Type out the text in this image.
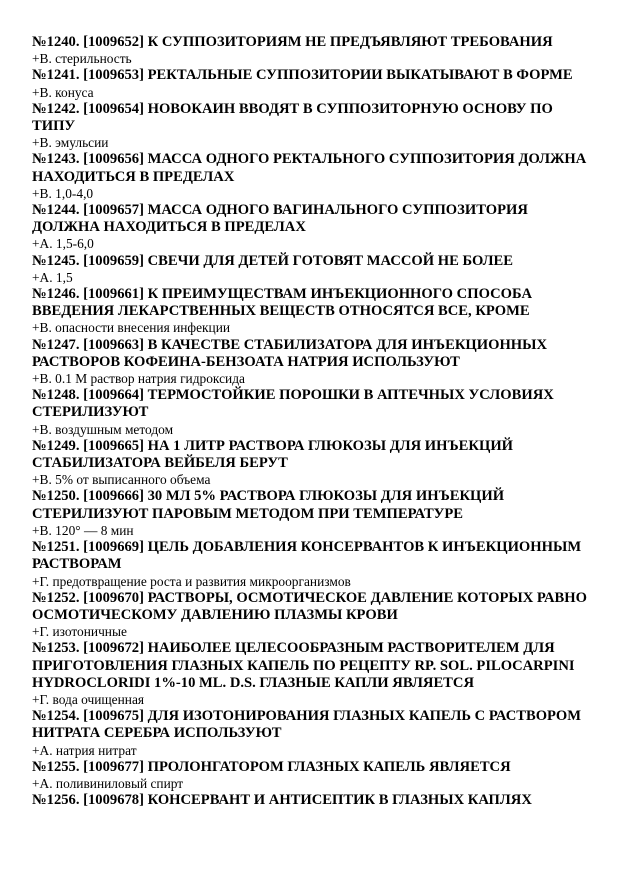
№1240. [1009652] К СУППОЗИТОРИЯМ НЕ ПРЕДЪЯВЛЯЮТ ТРЕБОВАНИЯ

+В. стерильность

№1241. [1009653] РЕКТАЛЬНЫЕ СУППОЗИТОРИИ ВЫКАТЫВАЮТ В ФОРМЕ

+В. конуса

№1242. [1009654] НОВОКАИН ВВОДЯТ В СУППОЗИТОРНУЮ ОСНОВУ ПО ТИПУ

+В. эмульсии

№1243. [1009656] МАССА ОДНОГО РЕКТАЛЬНОГО СУППОЗИТОРИЯ ДОЛЖНА НАХОДИТЬСЯ В ПРЕДЕЛАХ

+В. 1,0-4,0

№1244. [1009657] МАССА ОДНОГО ВАГИНАЛЬНОГО СУППОЗИТОРИЯ ДОЛЖНА НАХОДИТЬСЯ В ПРЕДЕЛАХ

+А. 1,5-6,0

№1245. [1009659] СВЕЧИ ДЛЯ ДЕТЕЙ ГОТОВЯТ МАССОЙ НЕ БОЛЕЕ

+А. 1,5

№1246. [1009661] К ПРЕИМУЩЕСТВАМ ИНЪЕКЦИОННОГО СПОСОБА ВВЕДЕНИЯ ЛЕКАРСТВЕННЫХ ВЕЩЕСТВ ОТНОСЯТСЯ ВСЕ, КРОМЕ

+В. опасности внесения инфекции

№1247. [1009663] В КАЧЕСТВЕ СТАБИЛИЗАТОРА ДЛЯ ИНЪЕКЦИОННЫХ РАСТВОРОВ КОФЕИНА-БЕНЗОАТА НАТРИЯ ИСПОЛЬЗУЮТ

+В. 0.1 М раствор натрия гидроксида

№1248. [1009664] ТЕРМОСТОЙКИЕ ПОРОШКИ В АПТЕЧНЫХ УСЛОВИЯХ СТЕРИЛИЗУЮТ

+В. воздушным методом

№1249. [1009665] НА 1 ЛИТР РАСТВОРА ГЛЮКОЗЫ ДЛЯ ИНЪЕКЦИЙ СТАБИЛИЗАТОРА ВЕЙБЕЛЯ БЕРУТ

+В. 5% от выписанного объема

№1250. [1009666] 30 МЛ 5% РАСТВОРА ГЛЮКОЗЫ ДЛЯ ИНЪЕКЦИЙ СТЕРИЛИЗУЮТ ПАРОВЫМ МЕТОДОМ ПРИ ТЕМПЕРАТУРЕ

+В. 120° — 8 мин

№1251. [1009669] ЦЕЛЬ ДОБАВЛЕНИЯ КОНСЕРВАНТОВ К ИНЪЕКЦИОННЫМ РАСТВОРАМ

+Г. предотвращение роста и развития микроорганизмов

№1252. [1009670] РАСТВОРЫ, ОСМОТИЧЕСКОЕ ДАВЛЕНИЕ КОТОРЫХ РАВНО ОСМОТИЧЕСКОМУ ДАВЛЕНИЮ ПЛАЗМЫ КРОВИ

+Г. изотоничные

№1253. [1009672] НАИБОЛЕЕ ЦЕЛЕСООБРАЗНЫМ РАСТВОРИТЕЛЕМ ДЛЯ ПРИГОТОВЛЕНИЯ ГЛАЗНЫХ КАПЕЛЬ ПО РЕЦЕПТУ RP. SOL. PILOCARPINI HYDROCLORIDI 1%-10 ML. D.S. ГЛАЗНЫЕ КАПЛИ ЯВЛЯЕТСЯ

+Г. вода очищенная

№1254. [1009675] ДЛЯ ИЗОТОНИРОВАНИЯ ГЛАЗНЫХ КАПЕЛЬ С РАСТВОРОМ НИТРАТА СЕРЕБРА ИСПОЛЬЗУЮТ

+А. натрия нитрат

№1255. [1009677] ПРОЛОНГАТОРОМ ГЛАЗНЫХ КАПЕЛЬ ЯВЛЯЕТСЯ

+А. поливиниловый спирт

№1256. [1009678] КОНСЕРВАНТ И АНТИСЕПТИК В ГЛАЗНЫХ КАПЛЯХ
